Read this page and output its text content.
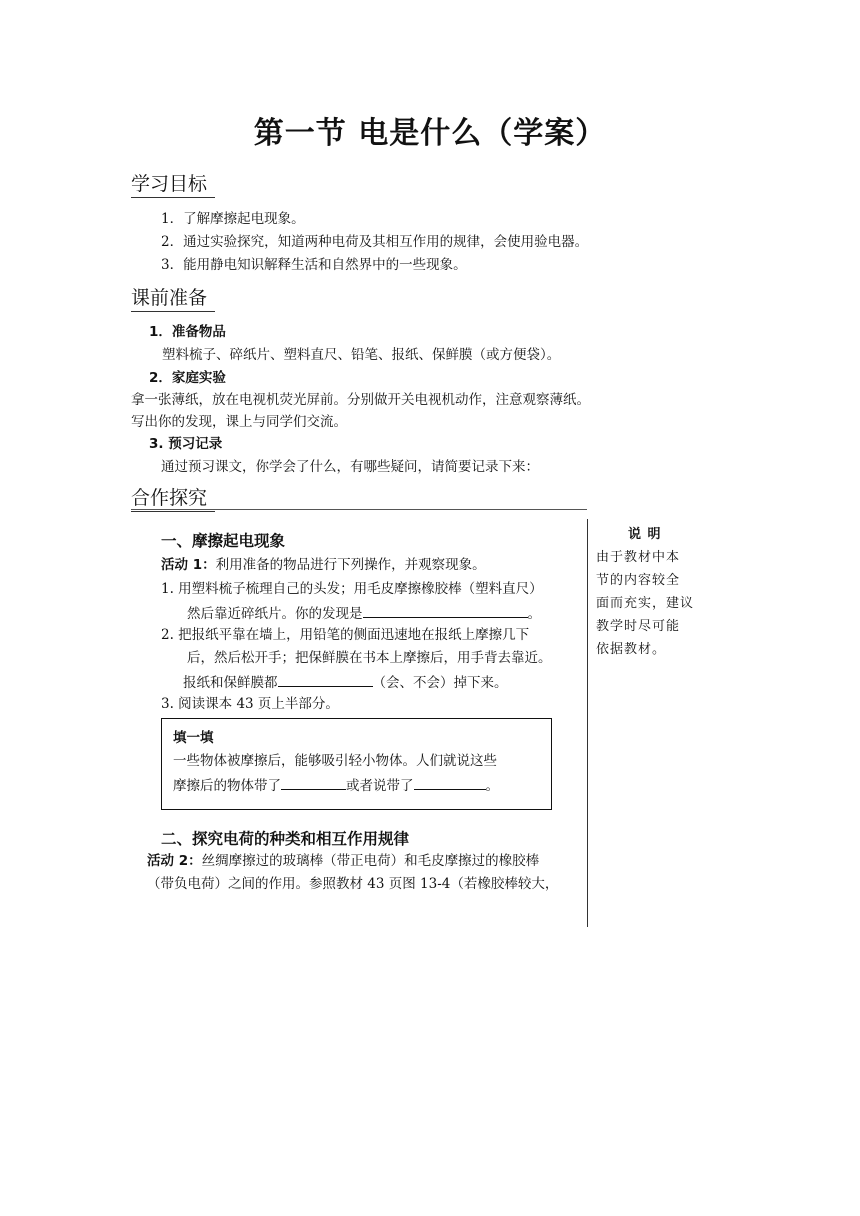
第一节 电是什么（学案）
学习目标
1．了解摩擦起电现象。
2．通过实验探究，知道两种电荷及其相互作用的规律，会使用验电器。
3．能用静电知识解释生活和自然界中的一些现象。
课前准备
1．准备物品
塑料梳子、碎纸片、塑料直尺、铅笔、报纸、保鲜膜（或方便袋）。
2．家庭实验
拿一张薄纸，放在电视机荧光屏前。分别做开关电视机动作，注意观察薄纸。
写出你的发现，课上与同学们交流。
3. 预习记录
通过预习课文，你学会了什么，有哪些疑问，请简要记录下来：
合作探究
一、摩擦起电现象
活动 1：利用准备的物品进行下列操作，并观察现象。
1. 用塑料梳子梳理自己的头发；用毛皮摩擦橡胶棒（塑料直尺）
然后靠近碎纸片。你的发现是	。
2. 把报纸平靠在墙上，用铅笔的侧面迅速地在报纸上摩擦几下
后，然后松开手；把保鲜膜在书本上摩擦后，用手背去靠近。
报纸和保鲜膜都	（会、不会）掉下来。
3. 阅读课本 43 页上半部分。
填一填
一些物体被摩擦后，能够吸引轻小物体。人们就说这些
摩擦后的物体带了	或者说带了	。
二、探究电荷的种类和相互作用规律
活动 2：丝绸摩擦过的玻璃棒（带正电荷）和毛皮摩擦过的橡胶棒
（带负电荷）之间的作用。参照教材 43 页图 13-4（若橡胶棒较大，
说 明
由于教材中本
节的内容较全
面而充实，建议
教学时尽可能
依据教材。
